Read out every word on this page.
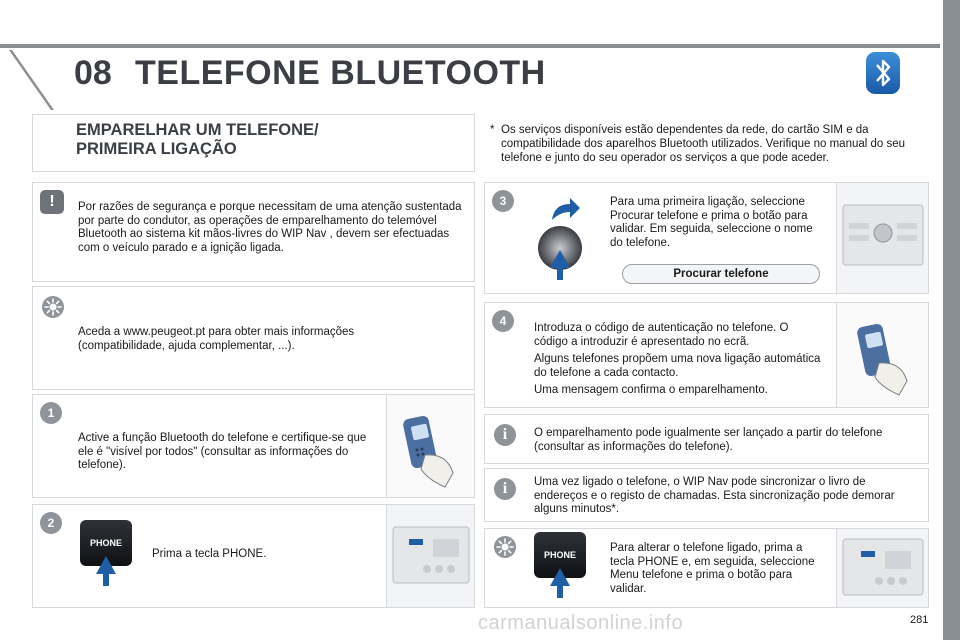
08 TELEFONE BLUETOOTH
EMPARELHAR UM TELEFONE/
PRIMEIRA LIGAÇÃO
* Os serviços disponíveis estão dependentes da rede, do cartão SIM e da compatibilidade dos aparelhos Bluetooth utilizados. Verifique no manual do seu telefone e junto do seu operador os serviços a que pode aceder.
!	Por razões de segurança e porque necessitam de uma atenção sustentada por parte do condutor, as operações de emparelhamento do telemóvel Bluetooth ao sistema kit mãos-livres do WIP Nav , devem ser efectuadas com o veículo parado e a ignição ligada.
Aceda a www.peugeot.pt para obter mais informações (compatibilidade, ajuda complementar, ...).
1
Active a função Bluetooth do telefone e certifique-se que ele é "visível por todos" (consultar as informações do telefone).
2
PHONE
Prima a tecla PHONE.
3	Para uma primeira ligação, seleccione Procurar telefone e prima o botão para validar. Em seguida, seleccione o nome do telefone.
Procurar telefone
4	Introduza o código de autenticação no telefone. O código a introduzir é apresentado no ecrã.

Alguns telefones propõem uma nova ligação automática do telefone a cada contacto.

Uma mensagem confirma o emparelhamento.

i	O emparelhamento pode igualmente ser lançado a partir do telefone (consultar as informações do telefone).
i	Uma vez ligado o telefone, o WIP Nav pode sincronizar o livro de endereços e o registo de chamadas. Esta sincronização pode demorar alguns minutos*.
PHONE
Para alterar o telefone ligado, prima a tecla PHONE e, em seguida, seleccione Menu telefone e prima o botão para validar.
carmanualsonline.info	281
